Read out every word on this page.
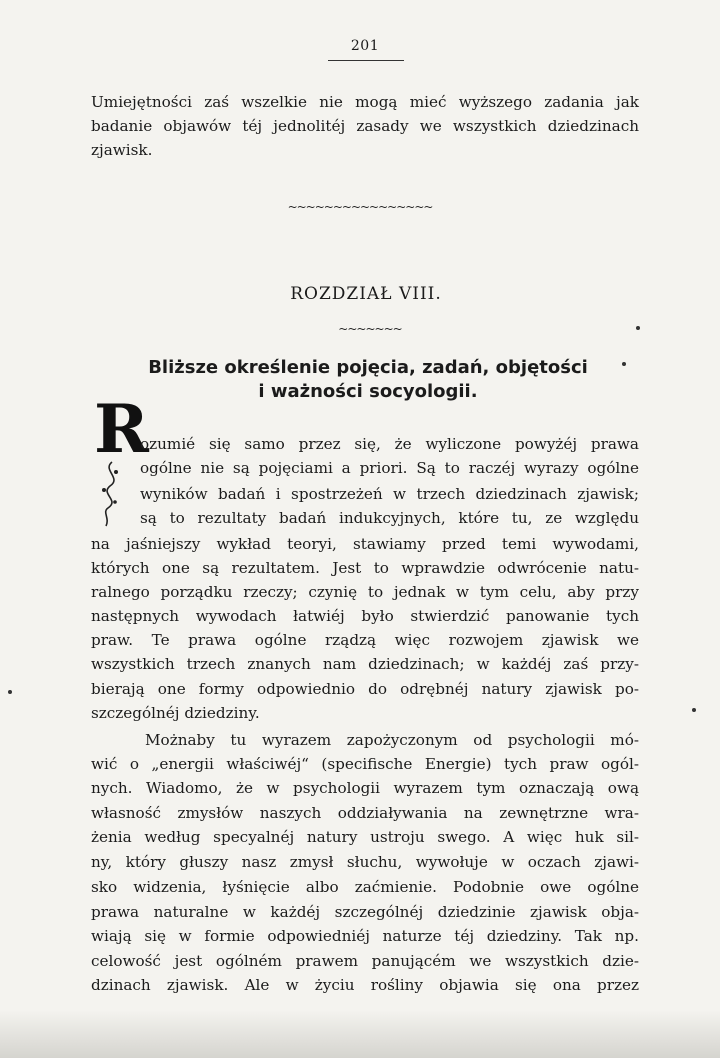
201
Umiejętności zaś wszelkie nie mogą mieć wyższego zadania jak
badanie objawów téj jednolitéj zasady we wszystkich dziedzinach
zjawisk.
~~~~~~~~~~~~~~~~
ROZDZIAŁ VIII.
~~~~~~~
Bliższe określenie pojęcia, zadań, objętości
i ważności socyologii.
R
ozumié się samo przez się, że wyliczone powyżéj prawa
ogólne nie są pojęciami a priori. Są to raczéj wyrazy ogólne
wyników badań i spostrzeżeń w trzech dziedzinach zjawisk;
są to rezultaty badań indukcyjnych, które tu, ze względu
na jaśniejszy wykład teoryi, stawiamy przed temi wywodami,
których one są rezultatem. Jest to wprawdzie odwrócenie natu-
ralnego porządku rzeczy; czynię to jednak w tym celu, aby przy
następnych wywodach łatwiéj było stwierdzić panowanie tych
praw. Te prawa ogólne rządzą więc rozwojem zjawisk we
wszystkich trzech znanych nam dziedzinach; w każdéj zaś przy-
bierają one formy odpowiednio do odrębnéj natury zjawisk po-
szczególnéj dziedziny.
Możnaby tu wyrazem zapożyczonym od psychologii mó-
wić o „energii właściwéj“ (specifische Energie) tych praw ogól-
nych. Wiadomo, że w psychologii wyrazem tym oznaczają ową
własność zmysłów naszych oddziaływania na zewnętrzne wra-
żenia według specyalnéj natury ustroju swego. A więc huk sil-
ny, który głuszy nasz zmysł słuchu, wywołuje w oczach zjawi-
sko widzenia, łyśnięcie albo zaćmienie. Podobnie owe ogólne
prawa naturalne w każdéj szczególnéj dziedzinie zjawisk obja-
wiają się w formie odpowiedniéj naturze téj dziedziny. Tak np.
celowość jest ogólném prawem panującém we wszystkich dzie-
dzinach zjawisk. Ale w życiu rośliny objawia się ona przez
